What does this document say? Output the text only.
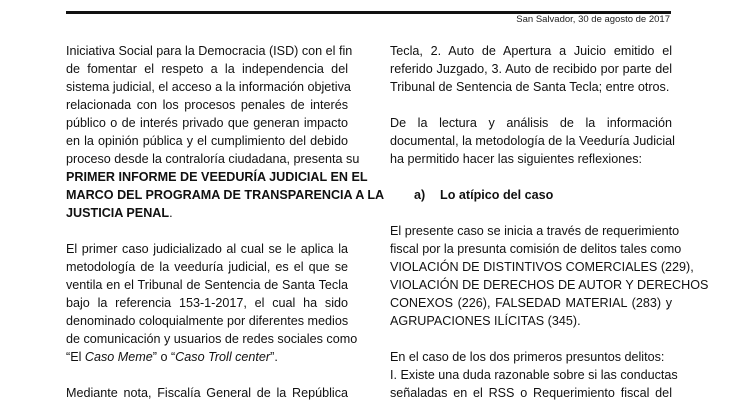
San Salvador, 30 de agosto de 2017
Iniciativa Social para la Democracia (ISD) con el fin
de fomentar el respeto a la independencia del
sistema judicial, el acceso a la información objetiva
relacionada con los procesos penales de interés
público o de interés privado que generan impacto
en la opinión pública y el cumplimiento del debido
proceso desde la contraloría ciudadana, presenta su
PRIMER INFORME DE VEEDURÍA JUDICIAL EN EL
MARCO DEL PROGRAMA DE TRANSPARENCIA A LA
JUSTICIA PENAL.
El primer caso judicializado al cual se le aplica la
metodología de la veeduría judicial, es el que se
ventila en el Tribunal de Sentencia de Santa Tecla
bajo la referencia 153-1-2017, el cual ha sido
denominado coloquialmente por diferentes medios
de comunicación y usuarios de redes sociales como
“El Caso Meme” o “Caso Troll center”.
Mediante nota, Fiscalía General de la República
Tecla, 2. Auto de Apertura a Juicio emitido el
referido Juzgado, 3. Auto de recibido por parte del
Tribunal de Sentencia de Santa Tecla; entre otros.
De la lectura y análisis de la información
documental, la metodología de la Veeduría Judicial
ha permitido hacer las siguientes reflexiones:
a) Lo atípico del caso
El presente caso se inicia a través de requerimiento
fiscal por la presunta comisión de delitos tales como
VIOLACIÓN DE DISTINTIVOS COMERCIALES (229),
VIOLACIÓN DE DERECHOS DE AUTOR Y DERECHOS
CONEXOS (226), FALSEDAD MATERIAL (283) y
AGRUPACIONES ILÍCITAS (345).
En el caso de los dos primeros presuntos delitos:
I. Existe una duda razonable sobre si las conductas
señaladas en el RSS o Requerimiento fiscal del
